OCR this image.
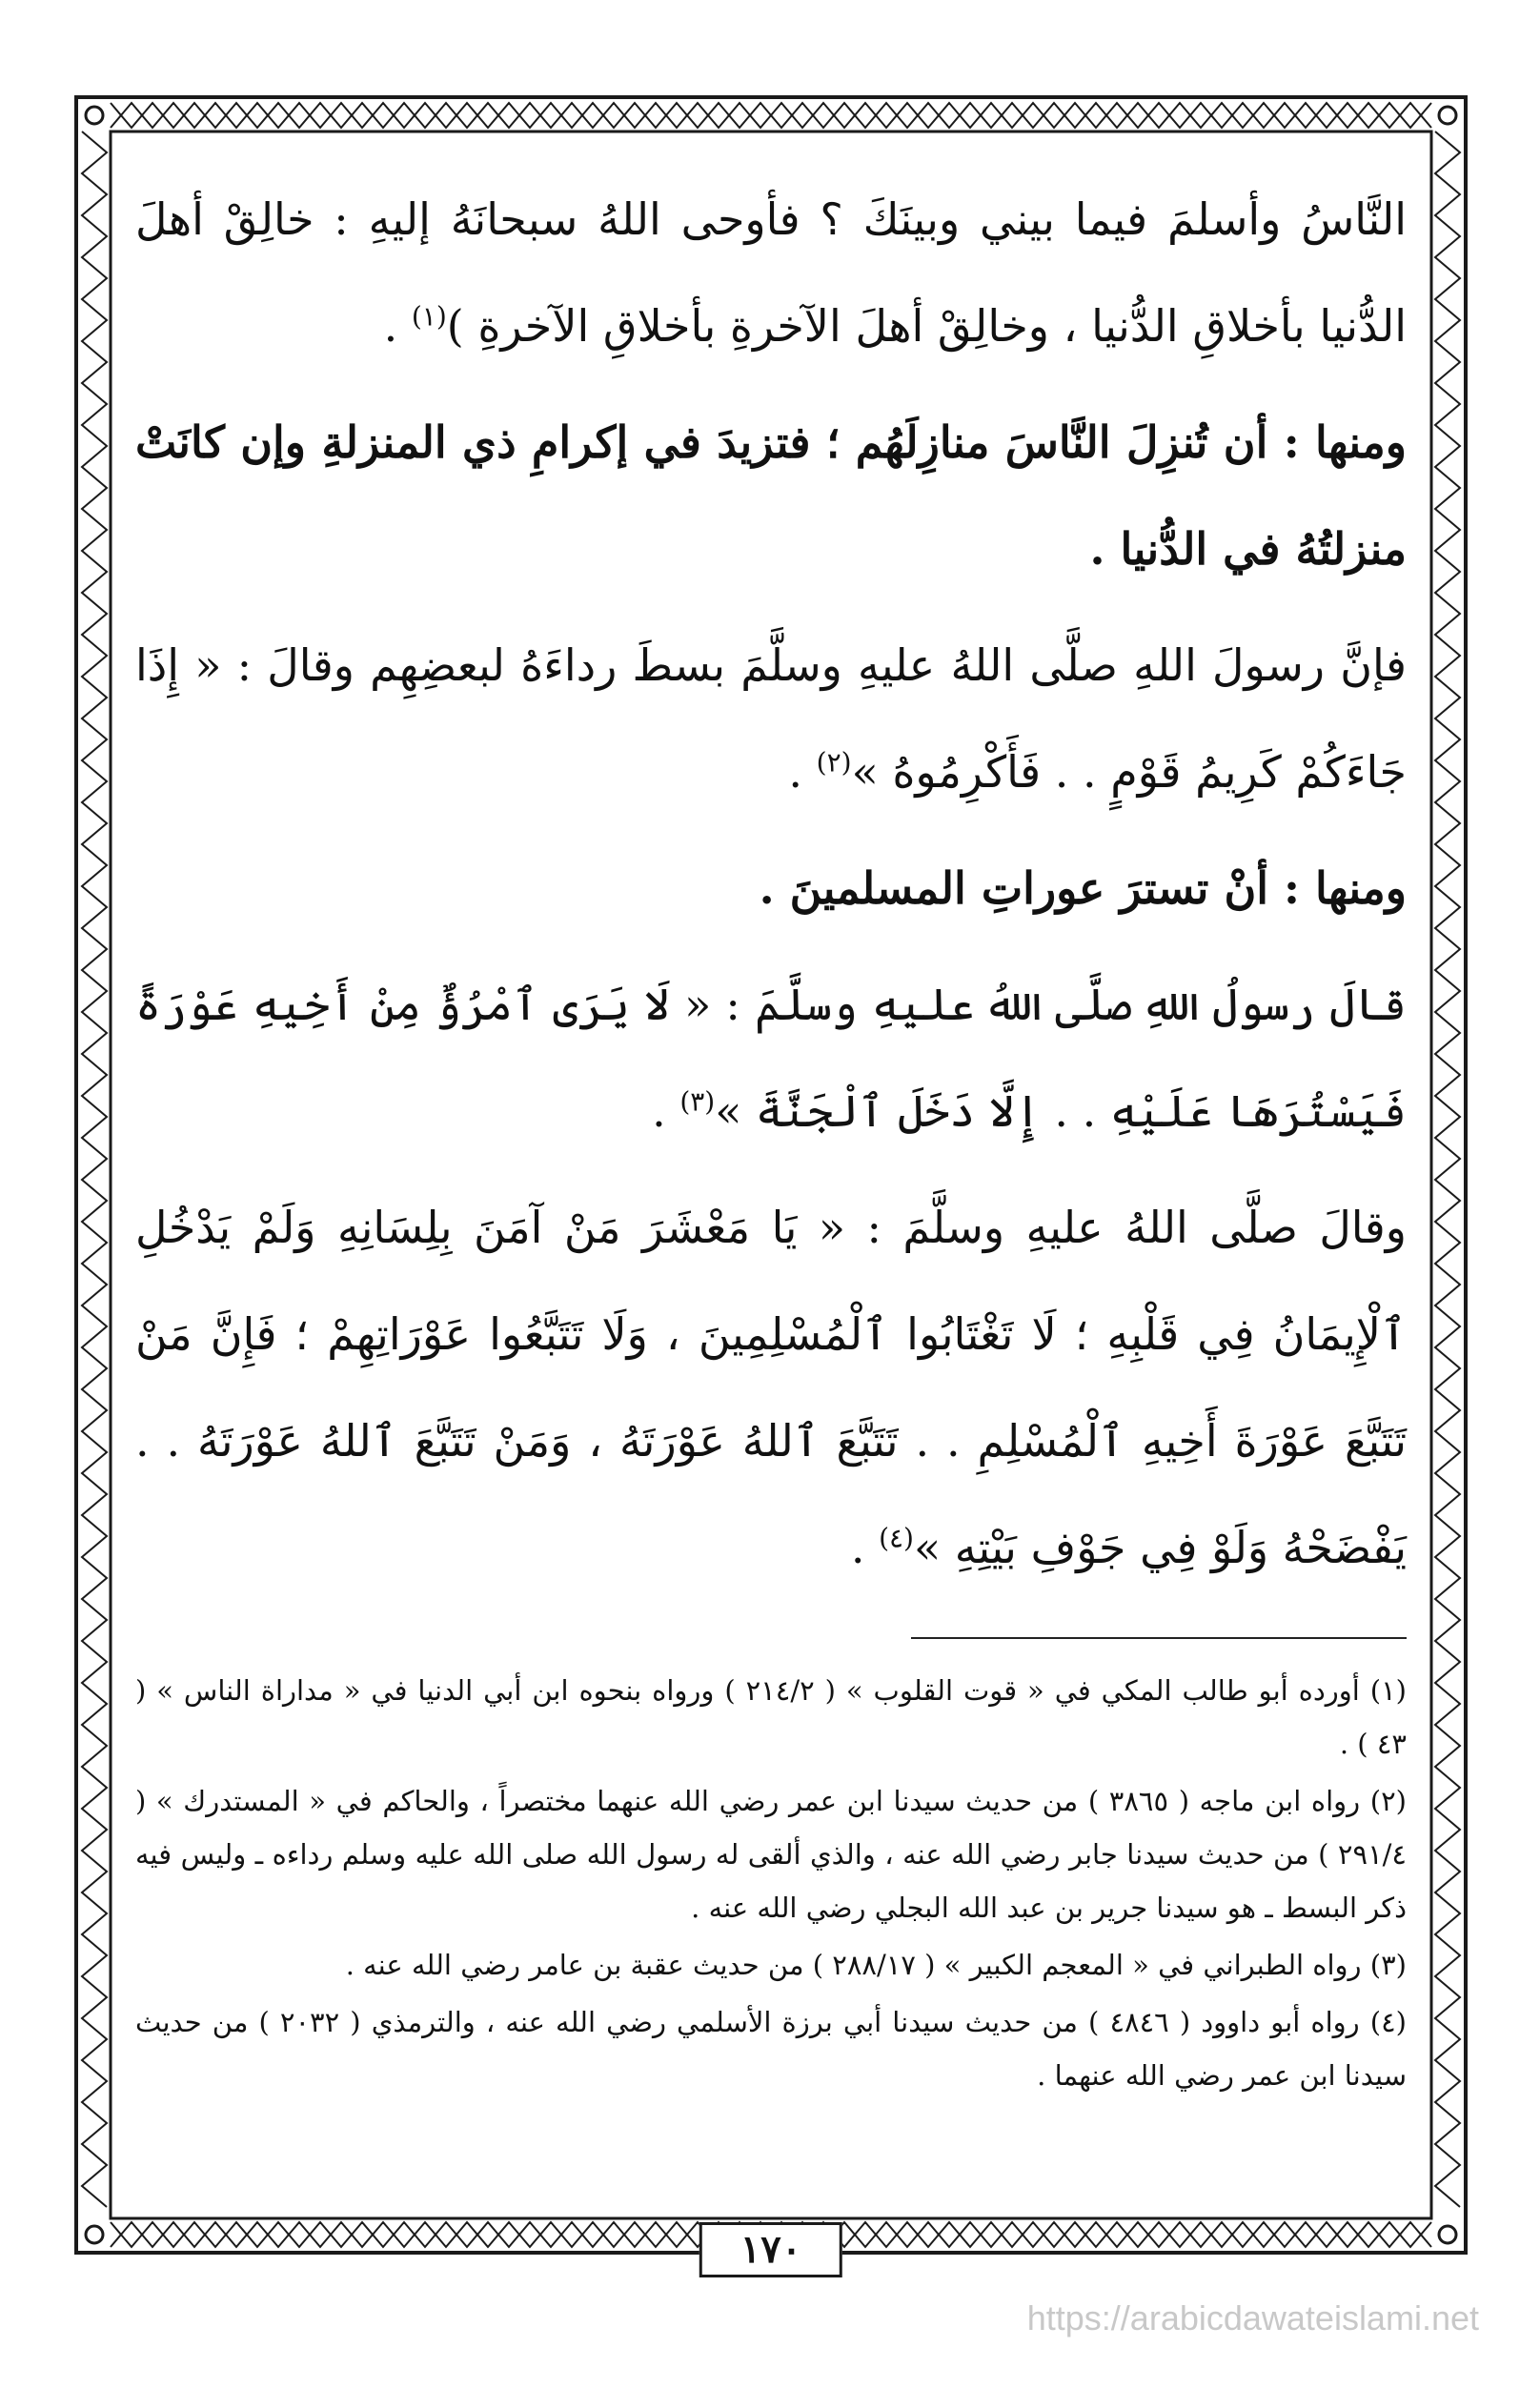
النَّاسُ وأسلمَ فيما بيني وبينَكَ ؟ فأوحى اللهُ سبحانَهُ إليهِ : خالِقْ أهلَ الدُّنيا بأخلاقِ الدُّنيا ، وخالِقْ أهلَ الآخرةِ بأخلاقِ الآخرةِ )$^{(١)}$ .

ومنها : أن تُنزِلَ النَّاسَ منازِلَهُم ؛ فتزيدَ في إكرامِ ذي المنزلةِ وإن كانَتْ منزلتُهُ في الدُّنيا .

فإنَّ رسولَ اللهِ صلَّى اللهُ عليهِ وسلَّمَ بسطَ رداءَهُ لبعضِهِم وقالَ : « إِذَا جَاءَكُمْ كَرِيمُ قَوْمٍ . . فَأَكْرِمُوهُ »$^{(٢)}$ .

ومنها : أنْ تسترَ عوراتِ المسلمينَ .

قالَ رسولُ اللهِ صلَّى اللهُ عليهِ وسلَّمَ : « لَا يَرَى ٱمْرُؤٌ مِنْ أَخِيهِ عَوْرَةً فَيَسْتُرَهَا عَلَيْهِ . . إِلَّا دَخَلَ ٱلْجَنَّةَ »$^{(٣)}$ .

وقالَ صلَّى اللهُ عليهِ وسلَّمَ : « يَا مَعْشَرَ مَنْ آمَنَ بِلِسَانِهِ وَلَمْ يَدْخُلِ ٱلْإِيمَانُ فِي قَلْبِهِ ؛ لَا تَغْتَابُوا ٱلْمُسْلِمِينَ ، وَلَا تَتَبَّعُوا عَوْرَاتِهِمْ ؛ فَإِنَّ مَنْ تَتَبَّعَ عَوْرَةَ أَخِيهِ ٱلْمُسْلِمِ . . تَتَبَّعَ ٱللهُ عَوْرَتَهُ ، وَمَنْ تَتَبَّعَ ٱللهُ عَوْرَتَهُ . . يَفْضَحْهُ وَلَوْ فِي جَوْفِ بَيْتِهِ »$^{(٤)}$ .

(١) أورده أبو طالب المكي في « قوت القلوب » ( ٢١٤/٢ ) ورواه بنحوه ابن أبي الدنيا في « مداراة الناس » ( ٤٣ ) .

(٢) رواه ابن ماجه ( ٣٨٦٥ ) من حديث سيدنا ابن عمر رضي الله عنهما مختصراً ، والحاكم في « المستدرك » ( ٢٩١/٤ ) من حديث سيدنا جابر رضي الله عنه ، والذي ألقى له رسول الله صلى الله عليه وسلم رداءه ـ وليس فيه ذكر البسط ـ هو سيدنا جرير بن عبد الله البجلي رضي الله عنه .

(٣) رواه الطبراني في « المعجم الكبير » ( ٢٨٨/١٧ ) من حديث عقبة بن عامر رضي الله عنه .

(٤) رواه أبو داوود ( ٤٨٤٦ ) من حديث سيدنا أبي برزة الأسلمي رضي الله عنه ، والترمذي ( ٢٠٣٢ ) من حديث سيدنا ابن عمر رضي الله عنهما .

١٧٠
https://arabicdawateislami.net
